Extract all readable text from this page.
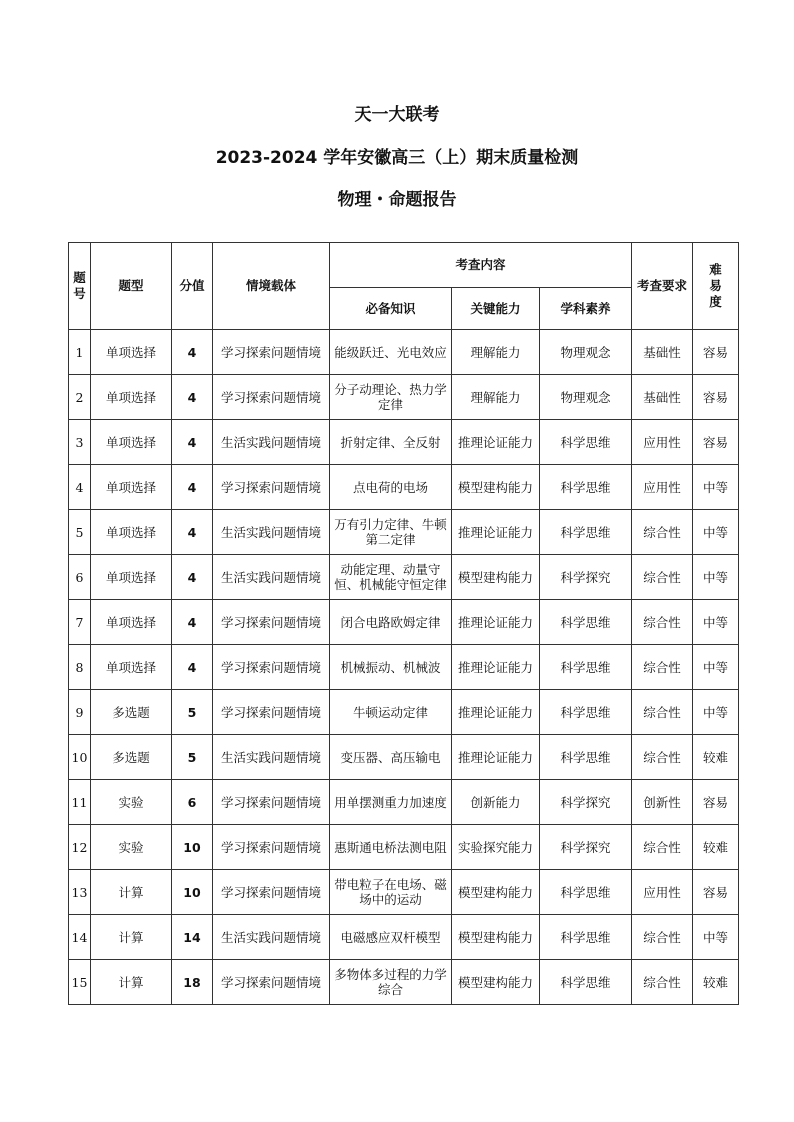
天一大联考
2023-2024 学年安徽高三（上）期末质量检测
物理・命题报告
题号	题型	分值	情境载体	考查内容			考查要求	难易度
				必备知识	关键能力	学科素养		
1	单项选择	4	学习探索问题情境	能级跃迁、光电效应	理解能力	物理观念	基础性	容易
2	单项选择	4	学习探索问题情境	分子动理论、热力学定律	理解能力	物理观念	基础性	容易
3	单项选择	4	生活实践问题情境	折射定律、全反射	推理论证能力	科学思维	应用性	容易
4	单项选择	4	学习探索问题情境	点电荷的电场	模型建构能力	科学思维	应用性	中等
5	单项选择	4	生活实践问题情境	万有引力定律、牛顿第二定律	推理论证能力	科学思维	综合性	中等
6	单项选择	4	生活实践问题情境	动能定理、动量守恒、机械能守恒定律	模型建构能力	科学探究	综合性	中等
7	单项选择	4	学习探索问题情境	闭合电路欧姆定律	推理论证能力	科学思维	综合性	中等
8	单项选择	4	学习探索问题情境	机械振动、机械波	推理论证能力	科学思维	综合性	中等
9	多选题	5	学习探索问题情境	牛顿运动定律	推理论证能力	科学思维	综合性	中等
10	多选题	5	生活实践问题情境	变压器、高压输电	推理论证能力	科学思维	综合性	较难
11	实验	6	学习探索问题情境	用单摆测重力加速度	创新能力	科学探究	创新性	容易
12	实验	10	学习探索问题情境	惠斯通电桥法测电阻	实验探究能力	科学探究	综合性	较难
13	计算	10	学习探索问题情境	带电粒子在电场、磁场中的运动	模型建构能力	科学思维	应用性	容易
14	计算	14	生活实践问题情境	电磁感应双杆模型	模型建构能力	科学思维	综合性	中等
15	计算	18	学习探索问题情境	多物体多过程的力学综合	模型建构能力	科学思维	综合性	较难
